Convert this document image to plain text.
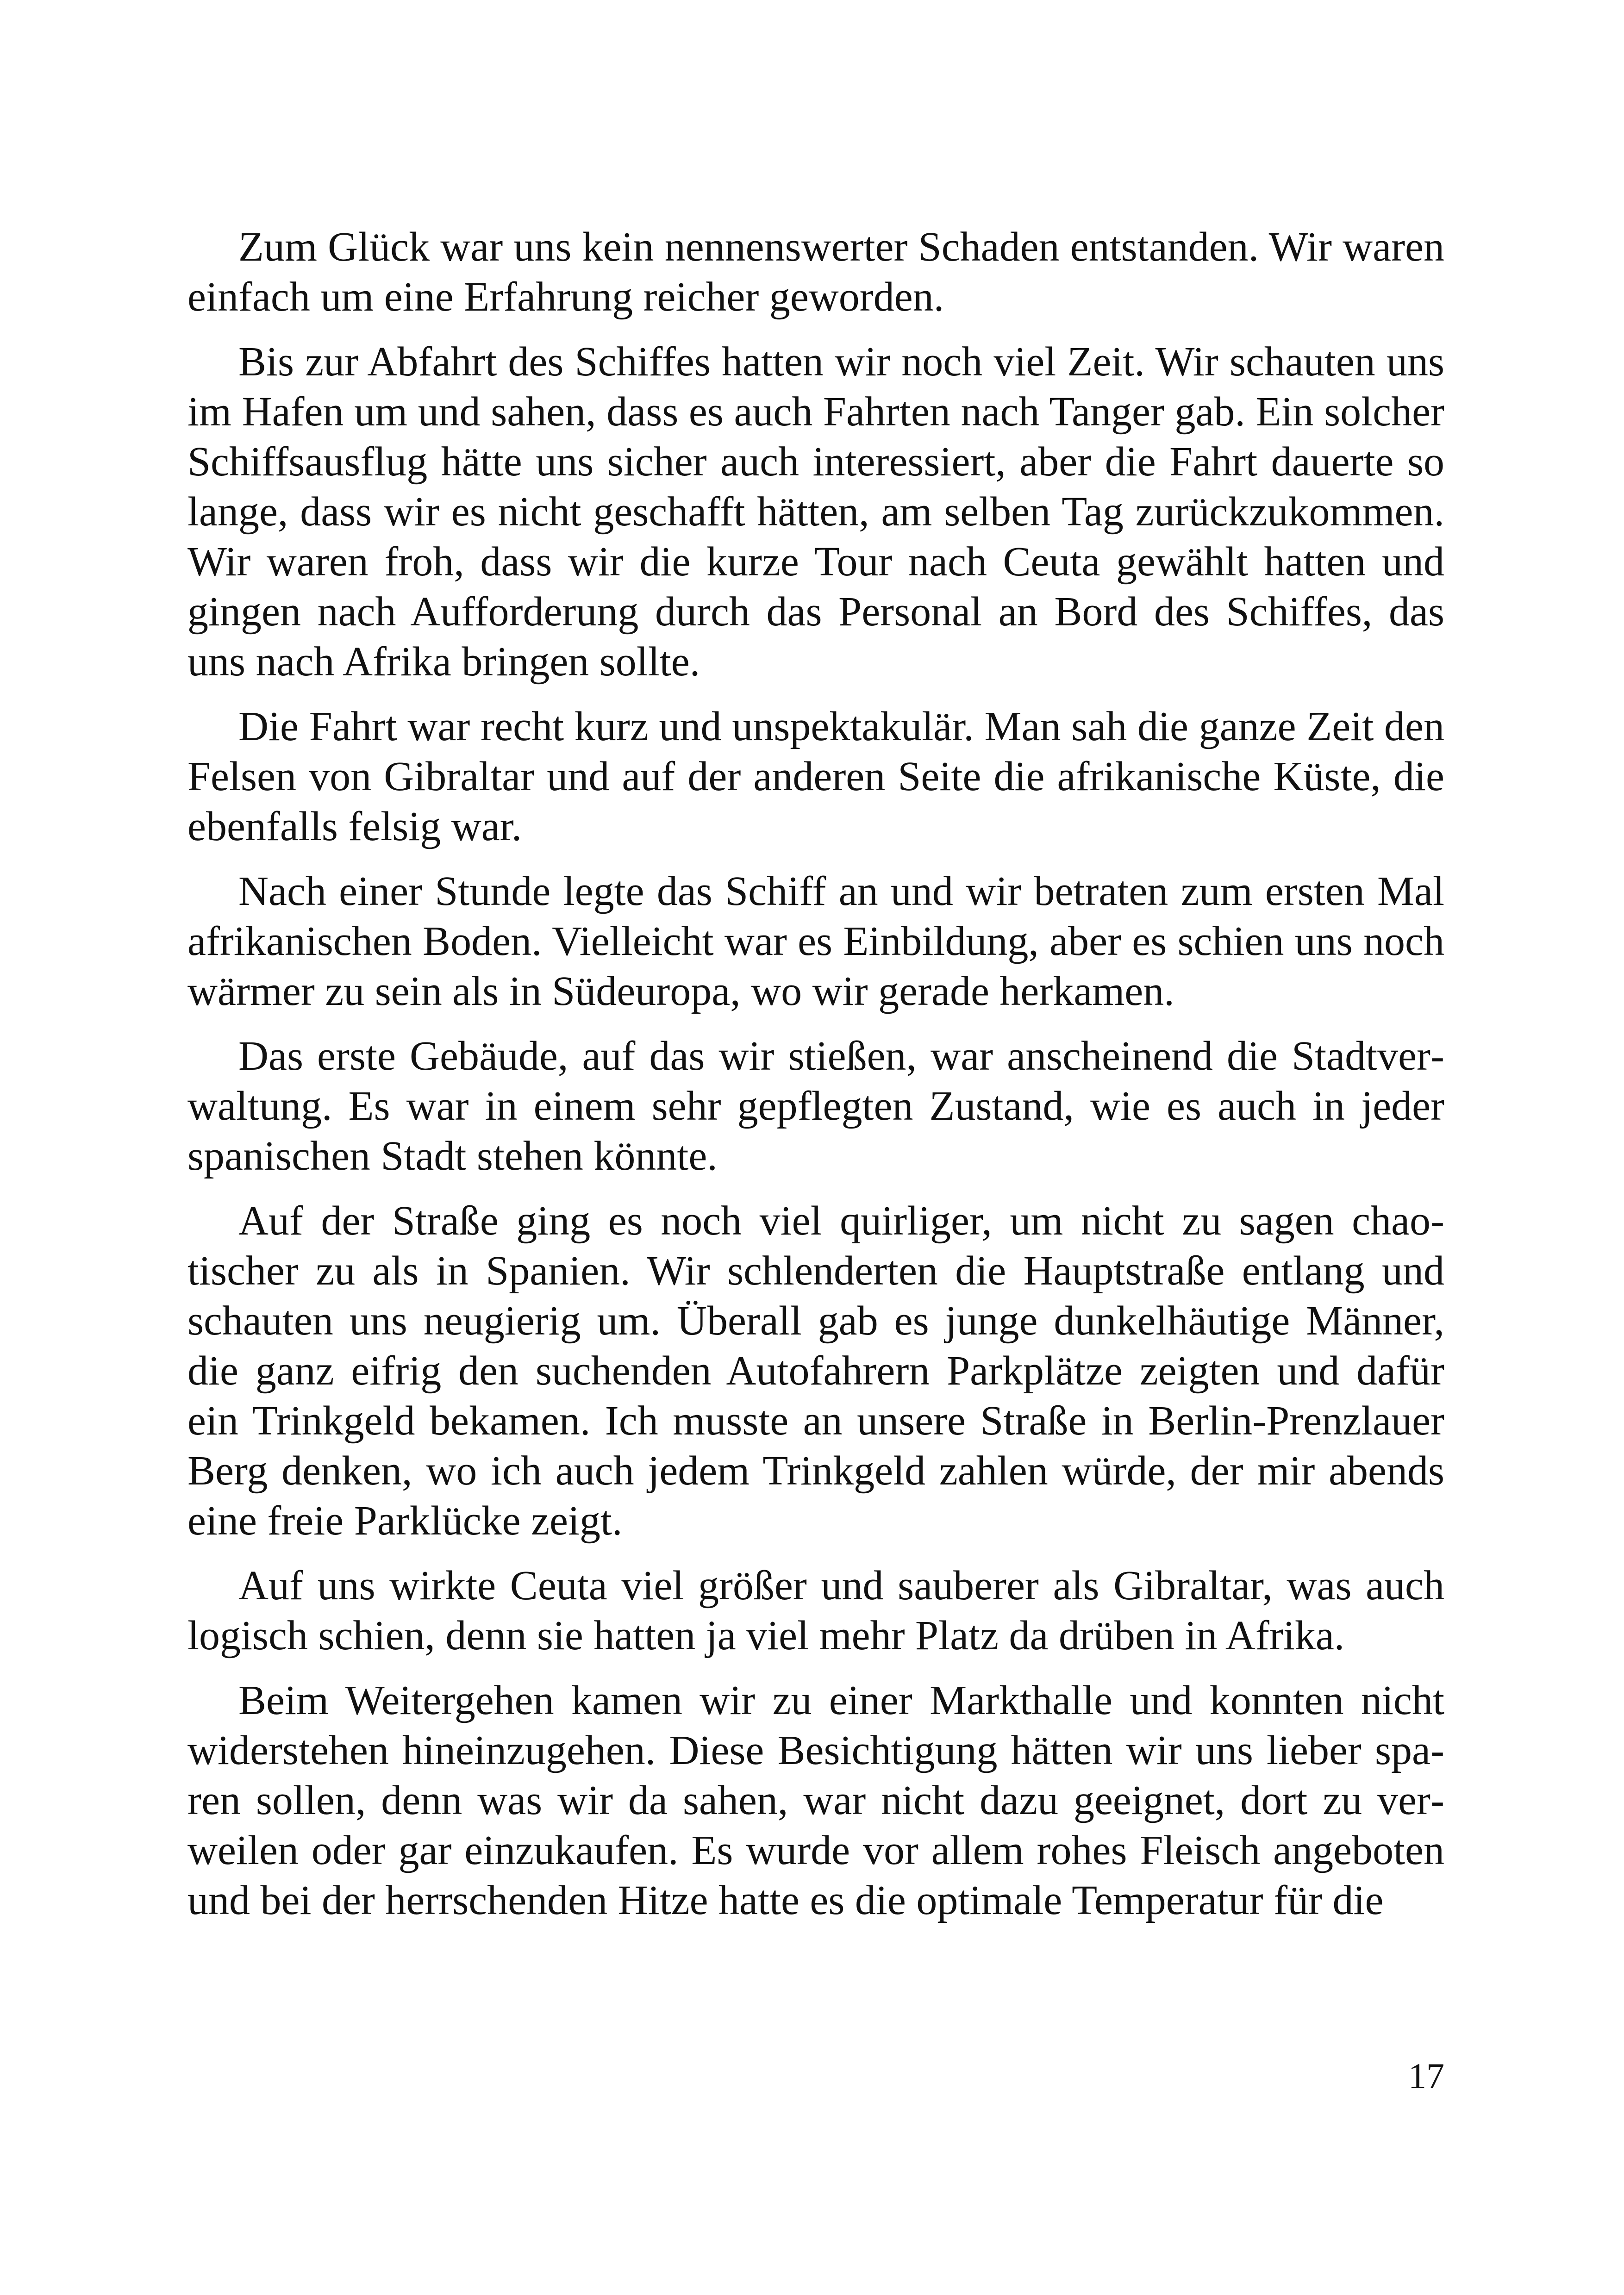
Zum Glück war uns kein nennenswerter Schaden entstanden. Wir waren einfach um eine Erfahrung reicher geworden.

Bis zur Abfahrt des Schiffes hatten wir noch viel Zeit. Wir schauten uns im Hafen um und sahen, dass es auch Fahrten nach Tanger gab. Ein solcher Schiffsausflug hätte uns sicher auch interessiert, aber die Fahrt dauerte so lange, dass wir es nicht geschafft hätten, am selben Tag zurückzukommen. Wir waren froh, dass wir die kurze Tour nach Ceuta gewählt hatten und gingen nach Aufforderung durch das Personal an Bord des Schiffes, das uns nach Afrika bringen sollte.

Die Fahrt war recht kurz und unspektakulär. Man sah die ganze Zeit den Felsen von Gibraltar und auf der anderen Seite die afrikanische Küste, die ebenfalls felsig war.

Nach einer Stunde legte das Schiff an und wir betraten zum ersten Mal afrikanischen Boden. Vielleicht war es Einbildung, aber es schien uns noch wärmer zu sein als in Südeuropa, wo wir gerade herkamen.

Das erste Gebäude, auf das wir stießen, war anscheinend die Stadtverwaltung. Es war in einem sehr gepflegten Zustand, wie es auch in jeder spanischen Stadt stehen könnte.

Auf der Straße ging es noch viel quirliger, um nicht zu sagen chaotischer zu als in Spanien. Wir schlenderten die Hauptstraße entlang und schauten uns neugierig um. Überall gab es junge dunkelhäutige Männer, die ganz eifrig den suchenden Autofahrern Parkplätze zeigten und dafür ein Trinkgeld bekamen. Ich musste an unsere Straße in Berlin-Prenzlauer Berg denken, wo ich auch jedem Trinkgeld zahlen würde, der mir abends eine freie Parklücke zeigt.

Auf uns wirkte Ceuta viel größer und sauberer als Gibraltar, was auch logisch schien, denn sie hatten ja viel mehr Platz da drüben in Afrika.

Beim Weitergehen kamen wir zu einer Markthalle und konnten nicht widerstehen hineinzugehen. Diese Besichtigung hätten wir uns lieber sparen sollen, denn was wir da sahen, war nicht dazu geeignet, dort zu verweilen oder gar einzukaufen. Es wurde vor allem rohes Fleisch angeboten und bei der herrschenden Hitze hatte es die optimale Temperatur für die

17
